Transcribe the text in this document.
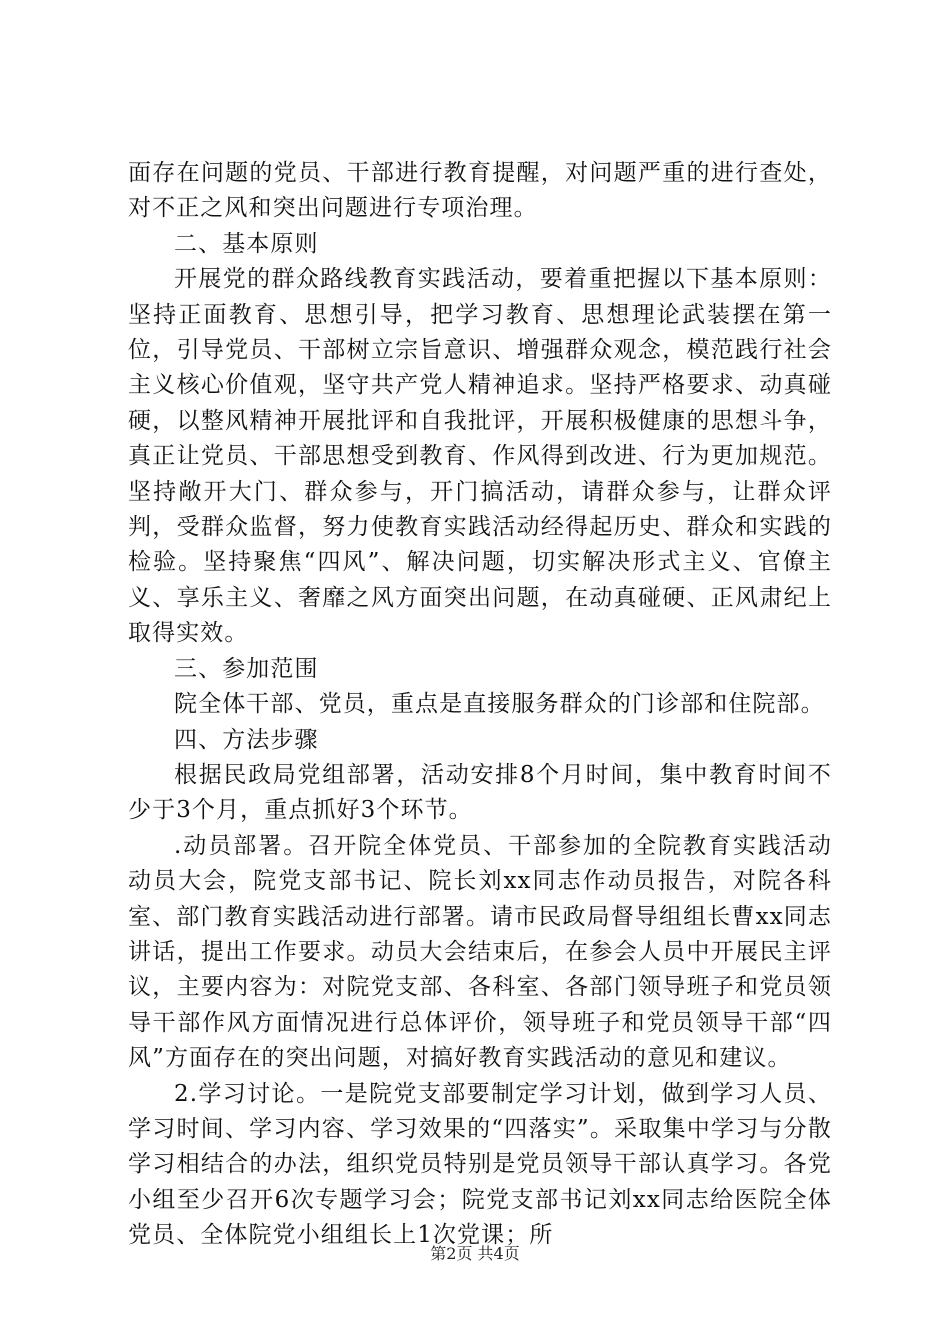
面存在问题的党员、干部进行教育提醒，对问题严重的进行查处，对不正之风和突出问题进行专项治理。

二、基本原则

开展党的群众路线教育实践活动，要着重把握以下基本原则：坚持正面教育、思想引导，把学习教育、思想理论武装摆在第一位，引导党员、干部树立宗旨意识、增强群众观念，模范践行社会主义核心价值观，坚守共产党人精神追求。坚持严格要求、动真碰硬，以整风精神开展批评和自我批评，开展积极健康的思想斗争，真正让党员、干部思想受到教育、作风得到改进、行为更加规范。坚持敞开大门、群众参与，开门搞活动，请群众参与，让群众评判，受群众监督，努力使教育实践活动经得起历史、群众和实践的检验。坚持聚焦“四风”、解决问题，切实解决形式主义、官僚主义、享乐主义、奢靡之风方面突出问题，在动真碰硬、正风肃纪上取得实效。

三、参加范围

院全体干部、党员，重点是直接服务群众的门诊部和住院部。

四、方法步骤

根据民政局党组部署，活动安排8个月时间，集中教育时间不少于3个月，重点抓好3个环节。

.动员部署。召开院全体党员、干部参加的全院教育实践活动动员大会，院党支部书记、院长刘xx同志作动员报告，对院各科室、部门教育实践活动进行部署。请市民政局督导组组长曹xx同志讲话，提出工作要求。动员大会结束后，在参会人员中开展民主评议，主要内容为：对院党支部、各科室、各部门领导班子和党员领导干部作风方面情况进行总体评价，领导班子和党员领导干部“四风”方面存在的突出问题，对搞好教育实践活动的意见和建议。

2.学习讨论。一是院党支部要制定学习计划，做到学习人员、学习时间、学习内容、学习效果的“四落实”。采取集中学习与分散学习相结合的办法，组织党员特别是党员领导干部认真学习。各党小组至少召开6次专题学习会；院党支部书记刘xx同志给医院全体党员、全体院党小组组长上1次党课；所

第2页 共4页
